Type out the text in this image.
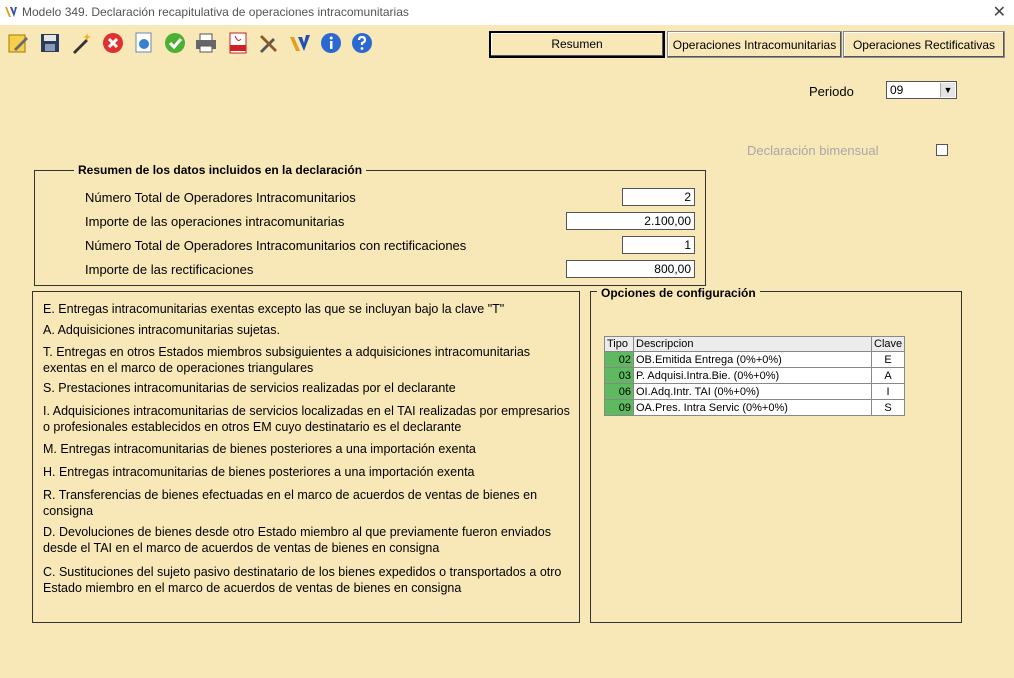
Modelo 349. Declaración recapitulativa de operaciones intracomunitarias	✕
Resumen	Operaciones Intracomunitarias	Operaciones Rectificativas
Periodo	09	▼
Declaración bimensual
Resumen de los datos incluidos en la declaración
Número Total de Operadores Intracomunitarios	2
Importe de las operaciones intracomunitarias	2.100,00
Número Total de Operadores Intracomunitarios con rectificaciones	1
Importe de las rectificaciones	800,00

E. Entregas intracomunitarias exentas excepto las que se incluyan bajo la clave "T"

A. Adquisiciones intracomunitarias sujetas.

T. Entregas en otros Estados miembros subsiguientes a adquisiciones intracomunitarias exentas en el marco de operaciones triangulares

S. Prestaciones intracomunitarias de servicios realizadas por el declarante

I. Adquisiciones intracomunitarias de servicios localizadas en el TAI realizadas por empresarios o profesionales establecidos en otros EM cuyo destinatario es el declarante

M. Entregas intracomunitarias de bienes posteriores a una importación exenta

H. Entregas intracomunitarias de bienes posteriores a una importación exenta

R. Transferencias de bienes efectuadas en el marco de acuerdos de ventas de bienes en consigna

D. Devoluciones de bienes desde otro Estado miembro al que previamente fueron enviados desde el TAI en el marco de acuerdos de ventas de bienes en consigna

C. Sustituciones del sujeto pasivo destinatario de los bienes expedidos o transportados a otro Estado miembro en el marco de acuerdos de ventas de bienes en consigna

Opciones de configuración
Tipo	Descripcion	Clave
02	OB.Emitida Entrega (0%+0%)	E
03	P. Adquisi.Intra.Bie. (0%+0%)	A
06	OI.Adq.Intr. TAI (0%+0%)	I
09	OA.Pres. Intra Servic (0%+0%)	S
